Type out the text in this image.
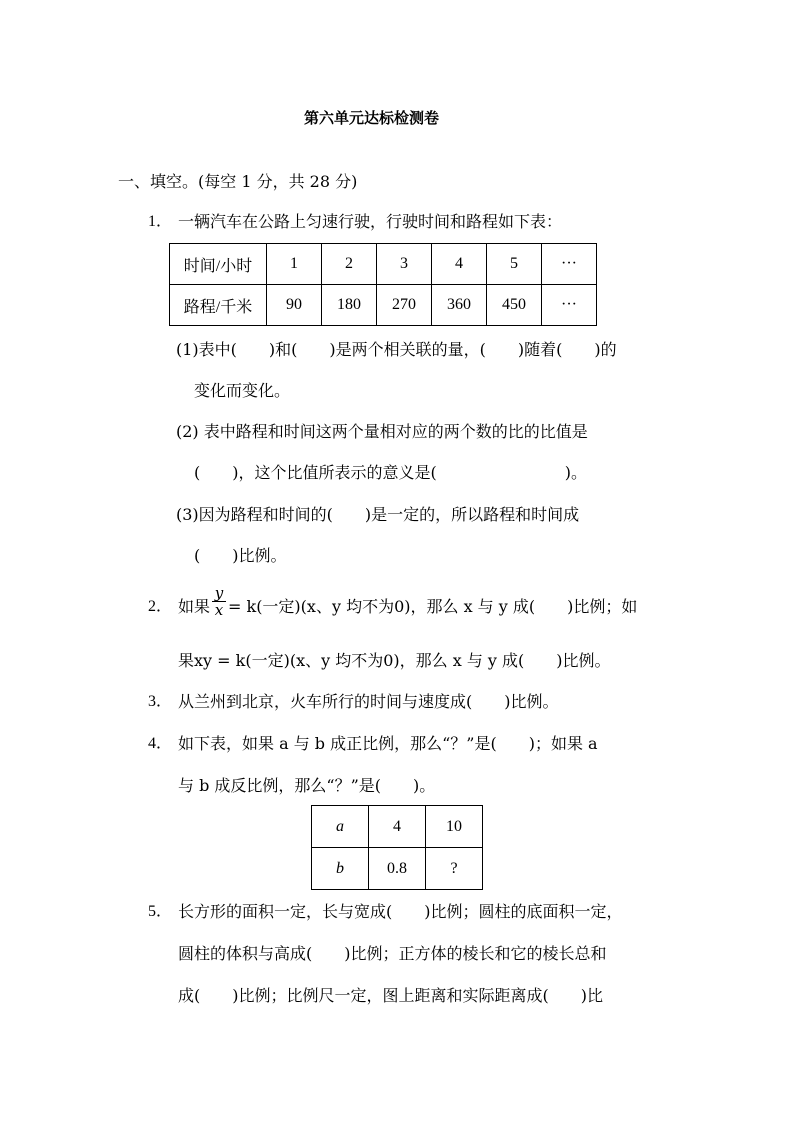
第六单元达标检测卷
一、填空。(每空 1 分，共 28 分)
1． 一辆汽车在公路上匀速行驶，行驶时间和路程如下表：
时间/小时	1	2	3	4	5	···
路程/千米	90	180	270	360	450	···
(1)表中(　　)和(　　)是两个相关联的量，(　　)随着(　　)的
变化而变化。
(2) 表中路程和时间这两个量相对应的两个数的比的比值是
(　　)，这个比值所表示的意义是(　　　　　　　　)。
(3)因为路程和时间的(　　)是一定的，所以路程和时间成
(　　)比例。
2． 如果
y
x = k(一定)(x、y 均不为0)，那么 x 与 y 成(　　)比例；如
果xy = k(一定)(x、y 均不为0)，那么 x 与 y 成(　　)比例。
3． 从兰州到北京，火车所行的时间与速度成(　　)比例。
4． 如下表，如果 a 与 b 成正比例，那么“？”是(　　)；如果 a
与 b 成反比例，那么“？”是(　　)。
a	4	10
b	0.8	?
5． 长方形的面积一定，长与宽成(　　)比例；圆柱的底面积一定，
圆柱的体积与高成(　　)比例；正方体的棱长和它的棱长总和
成(　　)比例；比例尺一定，图上距离和实际距离成(　　)比
